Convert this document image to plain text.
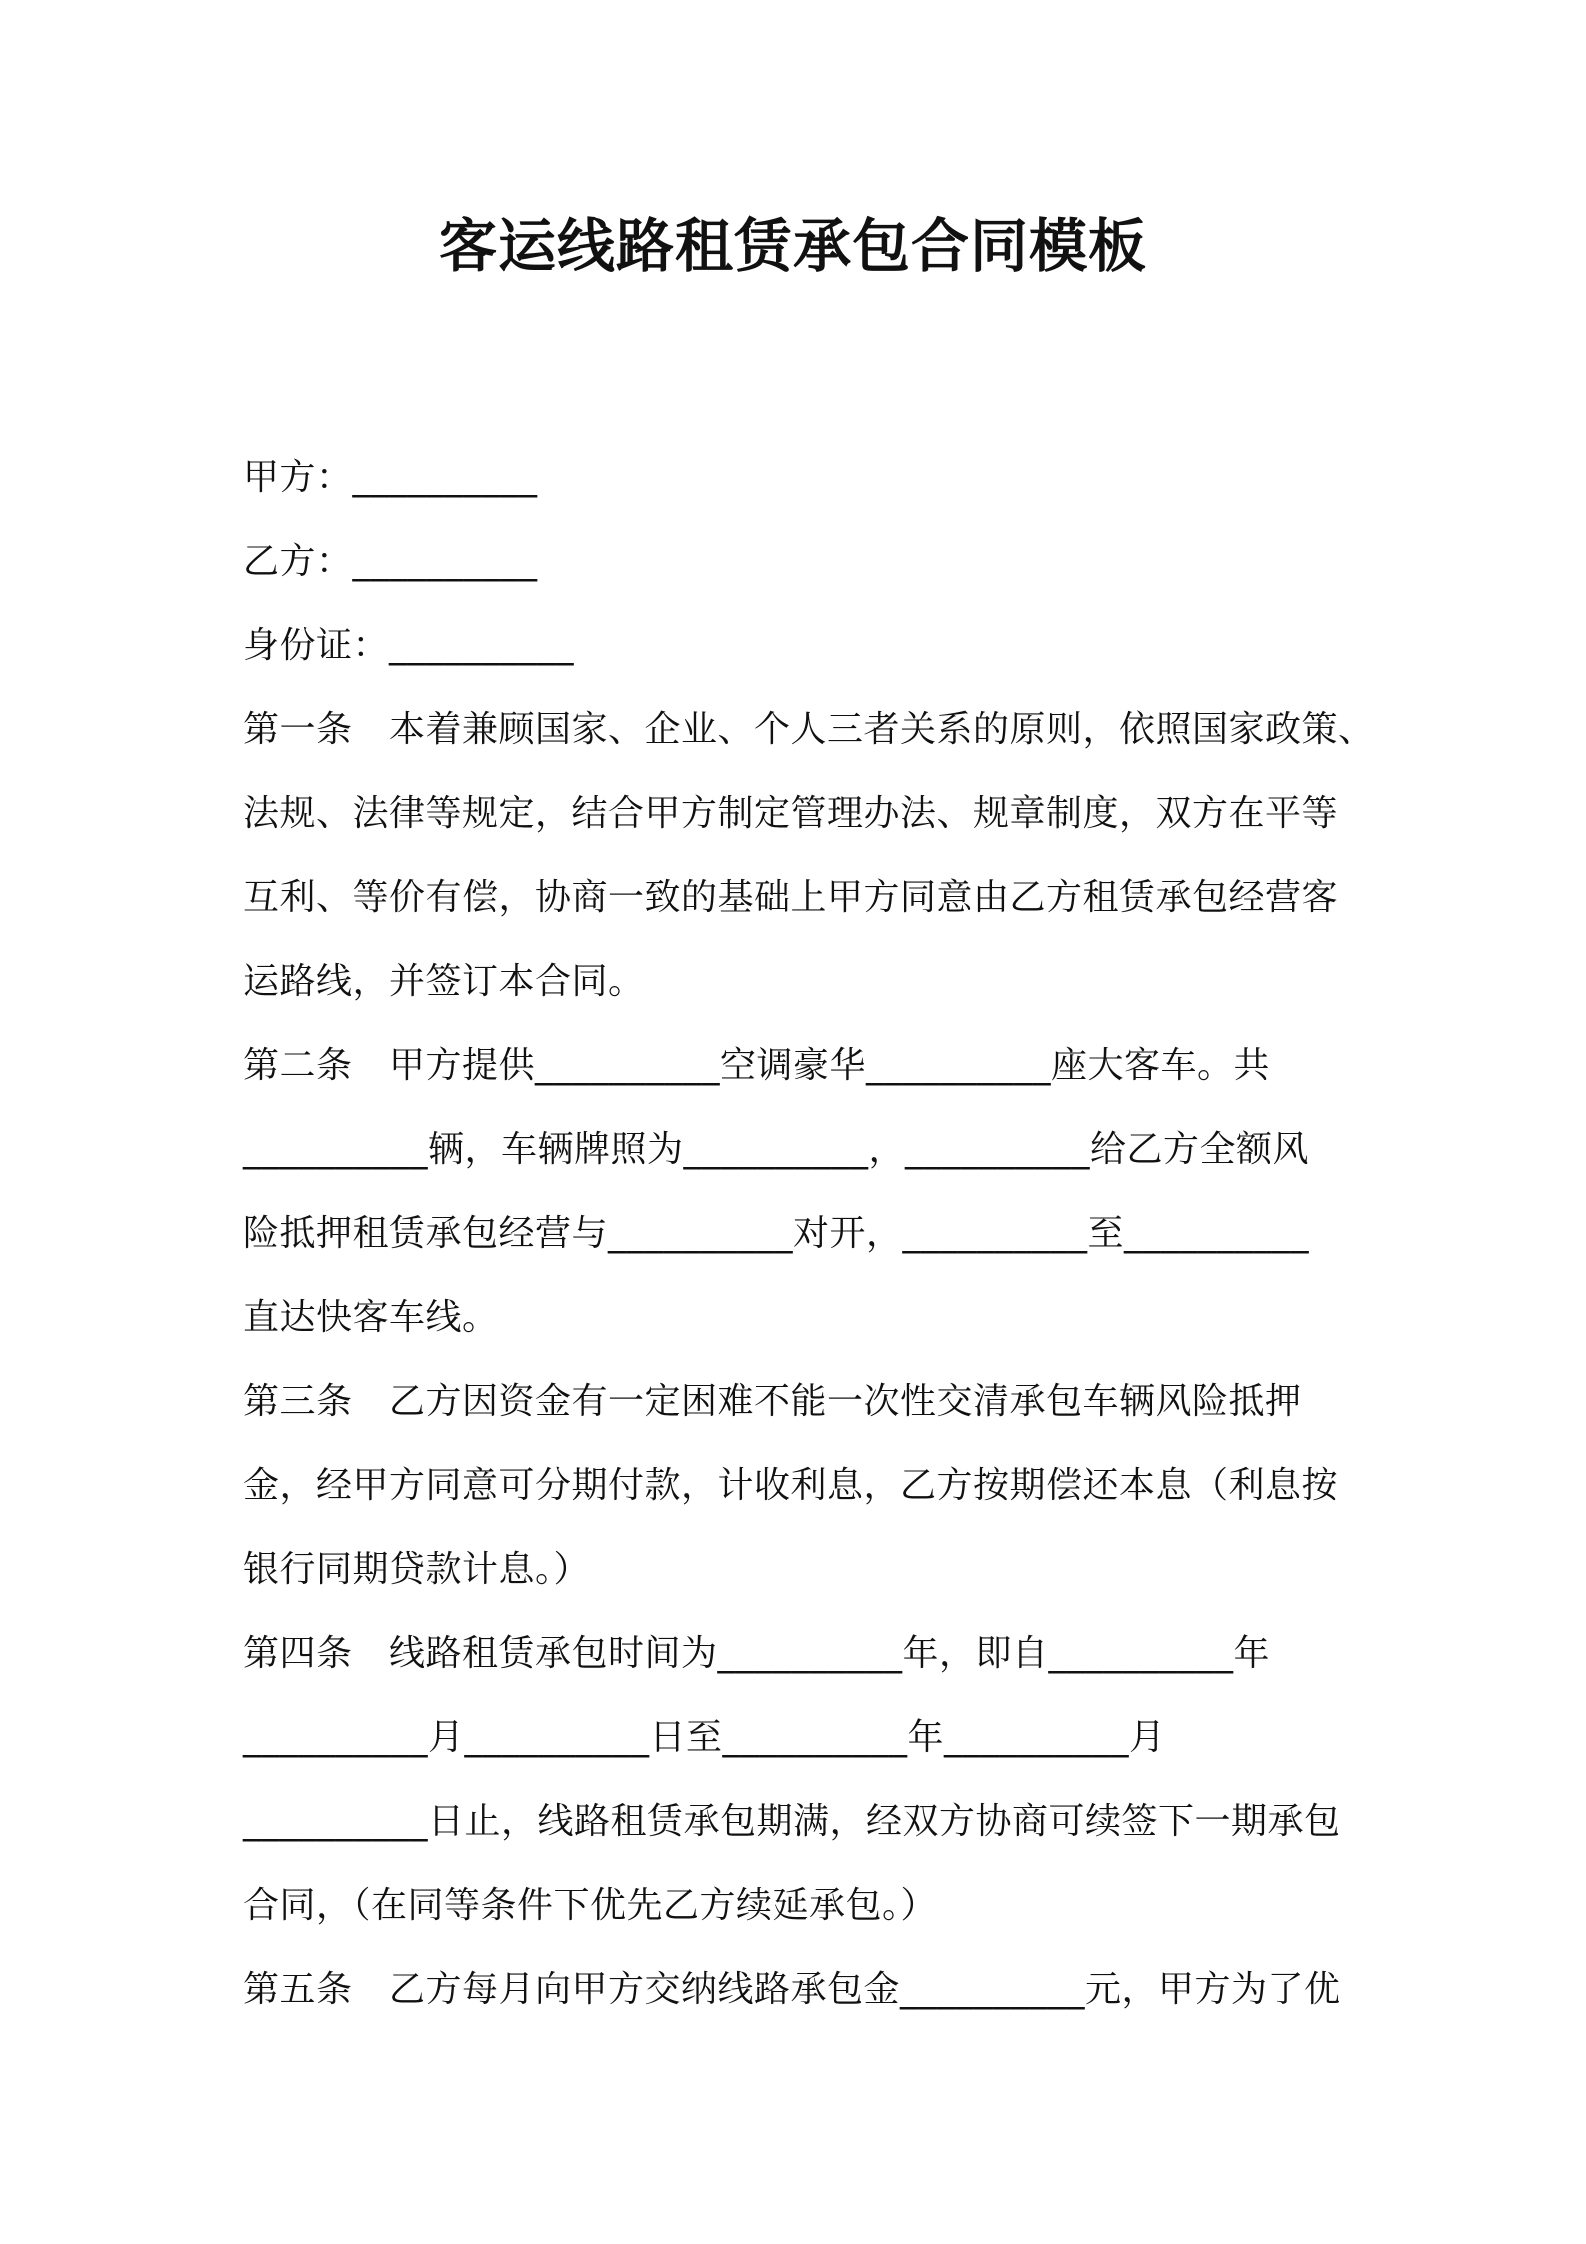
客运线路租赁承包合同模板

甲方：__________

乙方：__________

身份证：__________

第一条　本着兼顾国家、企业、个人三者关系的原则，依照国家政策、

法规、法律等规定，结合甲方制定管理办法、规章制度，双方在平等

互利、等价有偿，协商一致的基础上甲方同意由乙方租赁承包经营客

运路线，并签订本合同。

第二条　甲方提供__________空调豪华__________座大客车。共

__________辆，车辆牌照为__________，__________给乙方全额风

险抵押租赁承包经营与__________对开，__________至__________

直达快客车线。

第三条　乙方因资金有一定困难不能一次性交清承包车辆风险抵押

金，经甲方同意可分期付款，计收利息，乙方按期偿还本息（利息按

银行同期贷款计息。）

第四条　线路租赁承包时间为__________年，即自__________年

__________月__________日至__________年__________月

__________日止，线路租赁承包期满，经双方协商可续签下一期承包

合同，（在同等条件下优先乙方续延承包。）

第五条　乙方每月向甲方交纳线路承包金__________元，甲方为了优
